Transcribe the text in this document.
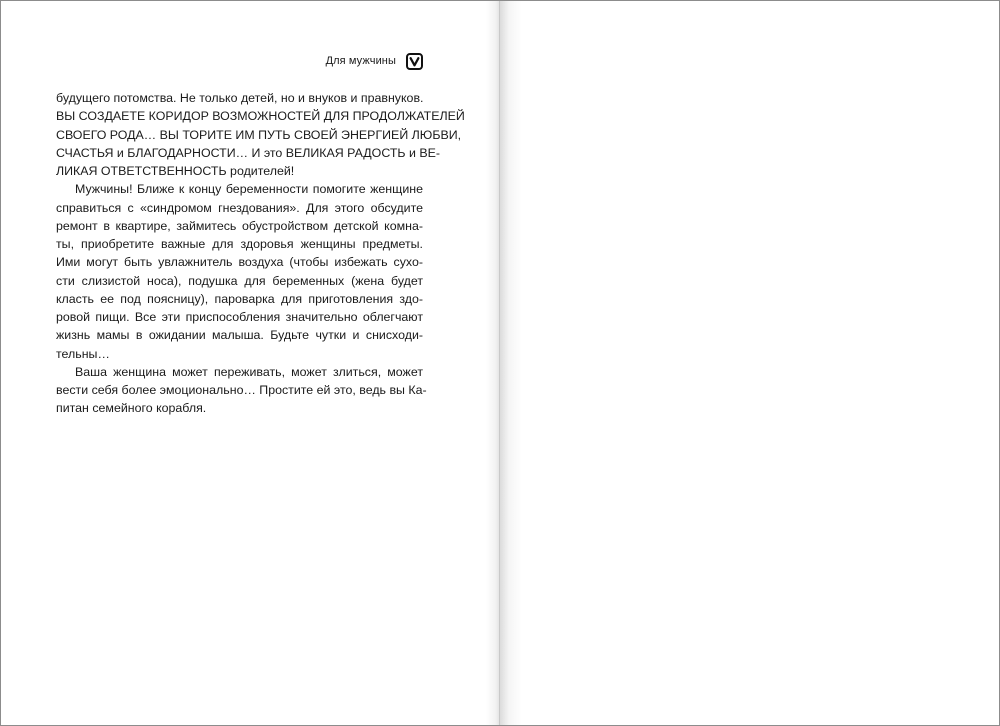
Для мужчины

будущего потомства. Не только детей, но и внуков и правнуков.
ВЫ СОЗДАЕТЕ КОРИДОР ВОЗМОЖНОСТЕЙ ДЛЯ ПРОДОЛЖАТЕЛЕЙ
СВОЕГО РОДА… ВЫ ТОРИТЕ ИМ ПУТЬ СВОЕЙ ЭНЕРГИЕЙ ЛЮБВИ,
СЧАСТЬЯ и БЛАГОДАРНОСТИ… И это ВЕЛИКАЯ РАДОСТЬ и ВЕ-
ЛИКАЯ ОТВЕТСТВЕННОСТЬ родителей!

Мужчины! Ближе к концу беременности помогите женщине
справиться с «синдромом гнездования». Для этого обсудите
ремонт в квартире, займитесь обустройством детской комна-
ты, приобретите важные для здоровья женщины предметы.
Ими могут быть увлажнитель воздуха (чтобы избежать сухо-
сти слизистой носа), подушка для беременных (жена будет
класть ее под поясницу), пароварка для приготовления здо-
ровой пищи. Все эти приспособления значительно облегчают
жизнь мамы в ожидании малыша. Будьте чутки и снисходи-
тельны…

Ваша женщина может переживать, может злиться, может
вести себя более эмоционально… Простите ей это, ведь вы Ка-
питан семейного корабля.
